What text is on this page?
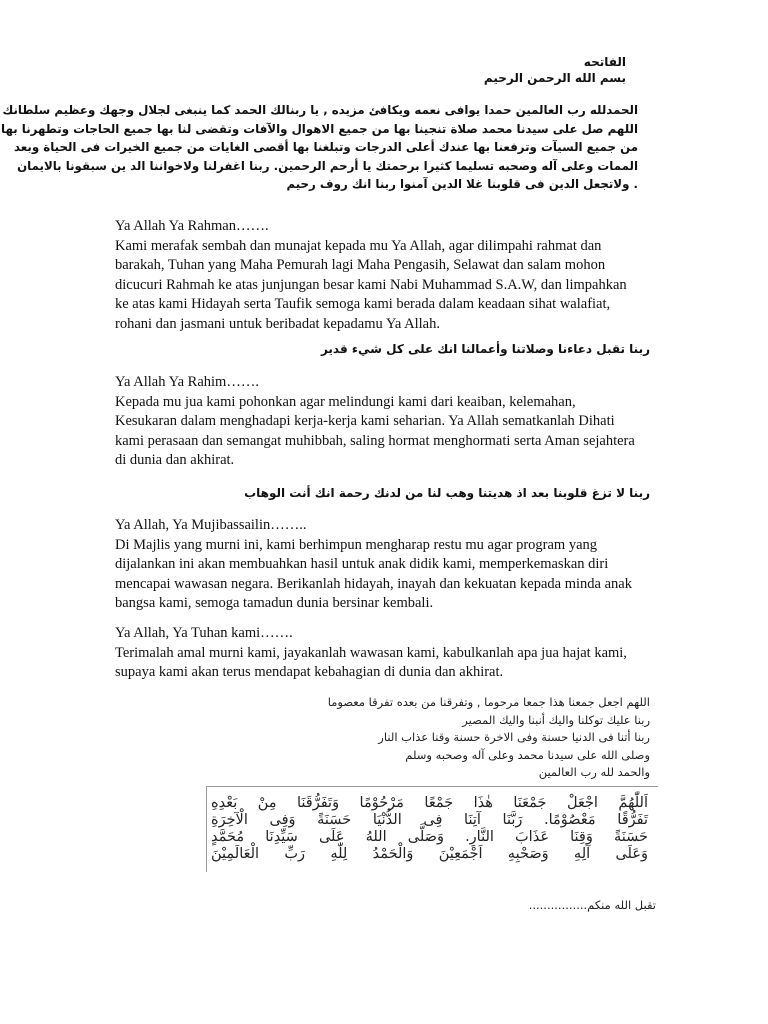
الفاتحه
بسم الله الرحمن الرحيم
الحمدلله رب العالمين حمدا يوافى نعمه ويكافئ مزيده , يا ربنالك الحمد كما ينبغى لجلال وجهك وعظيم سلطانك
اللهم صل على سيدنا محمد صلاة تنجينا بها من جميع الاهوال والآفات وتقضى لنا بها جميع الحاجات وتطهرنا بها
من جميع السيآت وترفعنا بها عندك أعلى الدرجات وتبلغنا بها أقصى الغايات من جميع الخيرات فى الحياة وبعد
الممات وعلى آله وصحبه تسليما كثيرا برحمتك يا أرحم الرحمين. ربنا اغفرلنا ولاخواننا الد ين سبقونا بالايمان
. ولاتجعل الدين فى قلوبنا غلا الدين آمنوا ربنا انك روف رحيم
Ya Allah Ya Rahman…….
Kami merafak sembah dan munajat kepada mu Ya Allah, agar dilimpahi rahmat dan
barakah, Tuhan yang Maha Pemurah lagi Maha Pengasih, Selawat dan salam mohon
dicucuri Rahmah ke atas junjungan besar kami Nabi Muhammad S.A.W, dan limpahkan
ke atas kami Hidayah serta Taufik semoga kami berada dalam keadaan sihat walafiat,
rohani dan jasmani untuk beribadat kepadamu Ya Allah.
ربنا تقبل دعاءنا وصلاتنا وأعمالنا انك على كل شيء قدير
Ya Allah Ya Rahim…….
Kepada mu jua kami pohonkan agar melindungi kami dari keaiban, kelemahan,
Kesukaran dalam menghadapi kerja-kerja kami seharian. Ya Allah sematkanlah Dihati
kami perasaan dan semangat muhibbah, saling hormat menghormati serta Aman sejahtera
di dunia dan akhirat.
ربنا لا تزغ قلوبنا بعد اذ هديتنا وهب لنا من لدنك رحمة انك أنت الوهاب
Ya Allah, Ya Mujibassailin……..
Di Majlis yang murni ini, kami berhimpun mengharap restu mu agar program yang
dijalankan ini akan membuahkan hasil untuk anak didik kami, memperkemaskan diri
mencapai wawasan negara. Berikanlah hidayah, inayah dan kekuatan kepada minda anak
bangsa kami, semoga tamadun dunia bersinar kembali.
Ya Allah, Ya Tuhan kami…….
Terimalah amal murni kami, jayakanlah wawasan kami, kabulkanlah apa jua hajat kami,
supaya kami akan terus mendapat kebahagian di dunia dan akhirat.
اللهم اجعل جمعنا هذا جمعا مرحوما , وتفرقنا من بعده تفرقا معصوما
ربنا عليك توكلنا واليك أنبنا واليك المصير
ربنا أتنا فى الدنيا حسنة وفى الاخرة حسنة وقنا عذاب النار
وصلى الله على سيدنا محمد وعلى آله وصحبه وسلم
والحمد لله رب العالمين
اَللّٰهُمَّ اجْعَلْ جَمْعَنَا هٰذَا جَمْعًا مَرْحُوْمًا وَتَفَرُّقَنَا مِنْ بَعْدِهِ
تَفَرُّقًا مَعْصُوْمًا. رَبَّنَا آتِنَا فِى الدُّنْيَا حَسَنَةً وَفِى الْآخِرَةِ
حَسَنَةً وَقِنَا عَذَابَ النَّارِ. وَصَلَّى اللهُ عَلَى سَيِّدِنَا مُحَمَّدٍ
وَعَلَى آلِهِ وَصَحْبِهِ اَجْمَعِيْنَ وَالْحَمْدُ لِلّٰهِ رَبِّ الْعَالَمِيْنَ
تقبل الله منكم................
